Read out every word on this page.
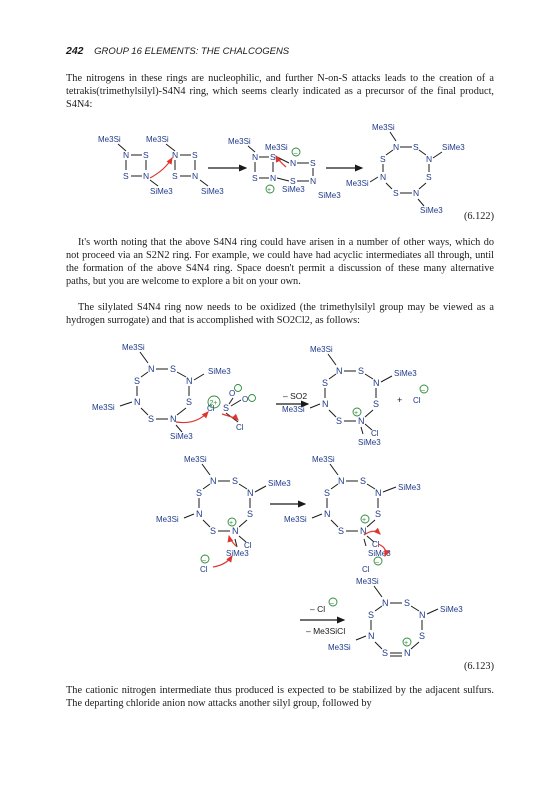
242 GROUP 16 ELEMENTS: THE CHALCOGENS

The nitrogens in these rings are nucleophilic, and further N-on-S attacks leads to the creation of a tetrakis(trimethylsilyl)-S4N4 ring, which seems clearly indicated as a precursor of the final product, S4N4:

(6.122)

It's worth noting that the above S4N4 ring could have arisen in a number of other ways, which do not proceed via an S2N2 ring. For example, we could have had acyclic intermediates all through, until the formation of the above S4N4 ring. Space doesn't permit a discussion of these many alternative paths, but you are welcome to explore a bit on your own.

The silylated S4N4 ring now needs to be oxidized (the trimethylsilyl group may be viewed as a hydrogen surrogate) and that is accomplished with SO2Cl2, as follows:

(6.123)

The cationic nitrogen intermediate thus produced is expected to be stabilized by the adjacent sulfurs. The departing chloride anion now attacks another silyl group, followed by

Me3Si
N S
S N
SiMe3
Me3Si
N S
S N
SiMe3
Me3Si
N S
S N
Me3Si
N S
S N
–
+ SiMe3
SiMe3
Me3Si
N S
N
S
N
S
N
S
SiMe3
Me3Si
SiMe3
Me3Si
N S
N
S
N
S
N
S
SiMe3
Me3Si
SiMe3
S
2+
O
O
Cl
Cl
– SO2
Me3Si
N S
N
S
N
S
N
S
SiMe3
Me3Si	+
Cl
SiMe3
+ Cl
–
Me3Si
N S
N
S
N
S
N
S
SiMe3
Me3Si	+
Cl
SiMe3
Cl
–
Me3Si
N S
N
S
N
S
N
S
SiMe3
Me3Si	+
Cl
SiMe3
Cl
–
– Cl
–
– Me3SiCl
Me3Si
N S
N
S
N
S
N
S
SiMe3
Me3Si	+
